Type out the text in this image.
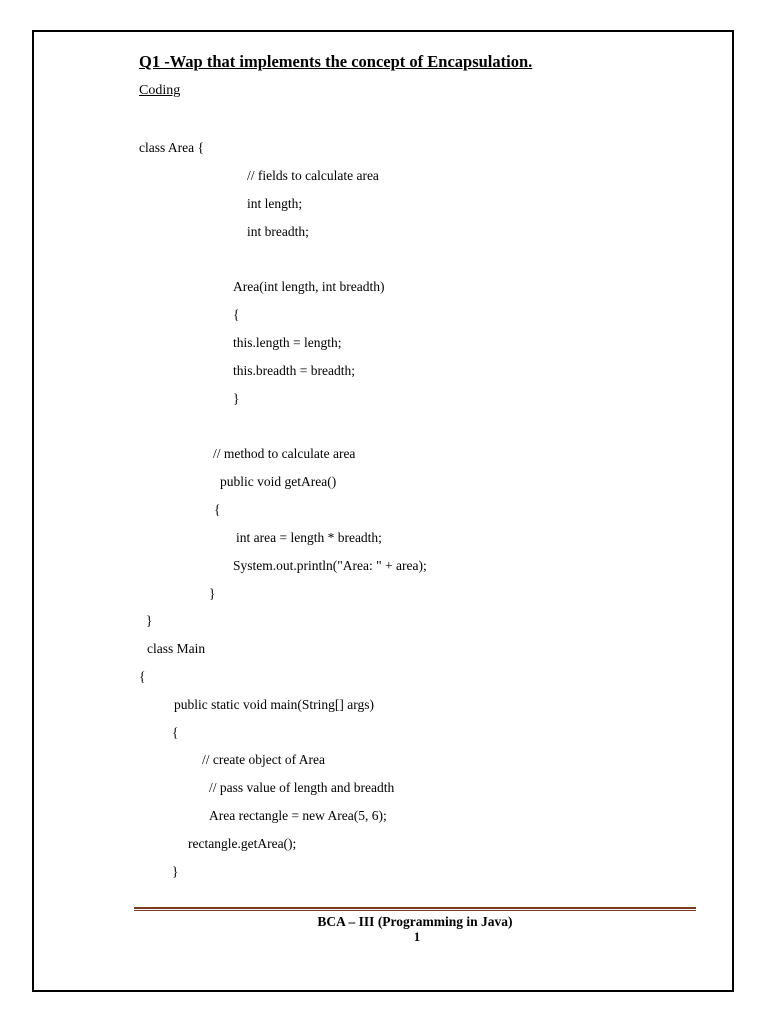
Q1 -Wap that implements the concept of Encapsulation.
Coding
class Area {
// fields to calculate area
int length;
int breadth;
Area(int length, int breadth)
{
this.length = length;
this.breadth = breadth;
}
// method to calculate area
public void getArea()
{
int area = length * breadth;
System.out.println("Area: " + area);
}
}
class Main
{
public static void main(String[] args)
{
// create object of Area
// pass value of length and breadth
Area rectangle = new Area(5, 6);
rectangle.getArea();
}
BCA – III (Programming in Java)
1
